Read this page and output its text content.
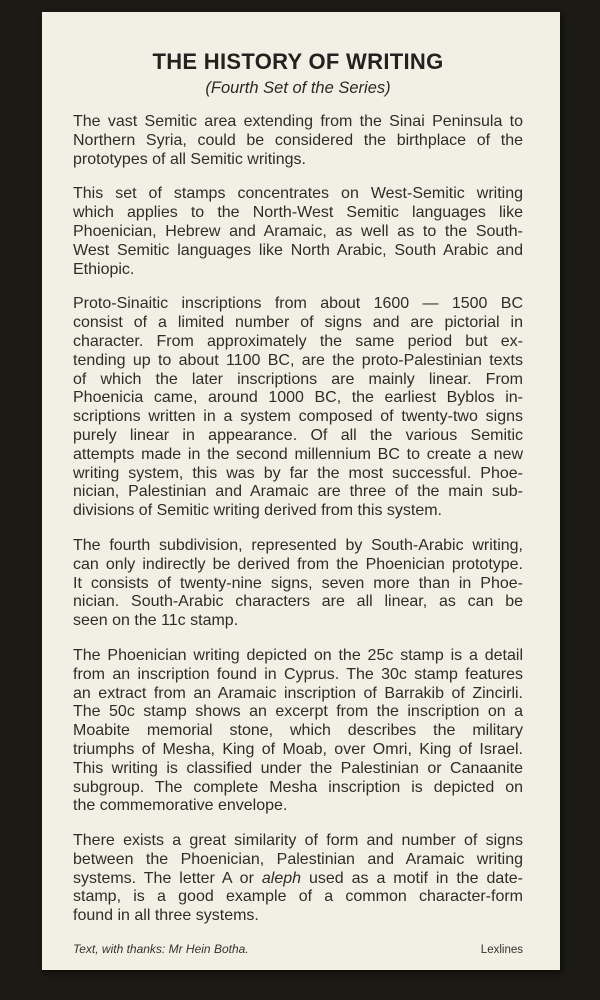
THE HISTORY OF WRITING
(Fourth Set of the Series)
The vast Semitic area extending from the Sinai Peninsula to
Northern Syria, could be considered the birthplace of the
prototypes of all Semitic writings.
This set of stamps concentrates on West-Semitic writing
which applies to the North-West Semitic languages like
Phoenician, Hebrew and Aramaic, as well as to the South-
West Semitic languages like North Arabic, South Arabic and
Ethiopic.
Proto-Sinaitic inscriptions from about 1600 — 1500 BC
consist of a limited number of signs and are pictorial in
character. From approximately the same period but ex-
tending up to about 1100 BC, are the proto-Palestinian texts
of which the later inscriptions are mainly linear. From
Phoenicia came, around 1000 BC, the earliest Byblos in-
scriptions written in a system composed of twenty-two signs
purely linear in appearance. Of all the various Semitic
attempts made in the second millennium BC to create a new
writing system, this was by far the most successful. Phoe-
nician, Palestinian and Aramaic are three of the main sub-
divisions of Semitic writing derived from this system.
The fourth subdivision, represented by South-Arabic writing,
can only indirectly be derived from the Phoenician prototype.
It consists of twenty-nine signs, seven more than in Phoe-
nician. South-Arabic characters are all linear, as can be
seen on the 11c stamp.
The Phoenician writing depicted on the 25c stamp is a detail
from an inscription found in Cyprus. The 30c stamp features
an extract from an Aramaic inscription of Barrakib of Zincirli.
The 50c stamp shows an excerpt from the inscription on a
Moabite memorial stone, which describes the military
triumphs of Mesha, King of Moab, over Omri, King of Israel.
This writing is classified under the Palestinian or Canaanite
subgroup. The complete Mesha inscription is depicted on
the commemorative envelope.
There exists a great similarity of form and number of signs
between the Phoenician, Palestinian and Aramaic writing
systems. The letter A or aleph used as a motif in the date-
stamp, is a good example of a common character-form
found in all three systems.
Text, with thanks: Mr Hein Botha.	Lexlines
